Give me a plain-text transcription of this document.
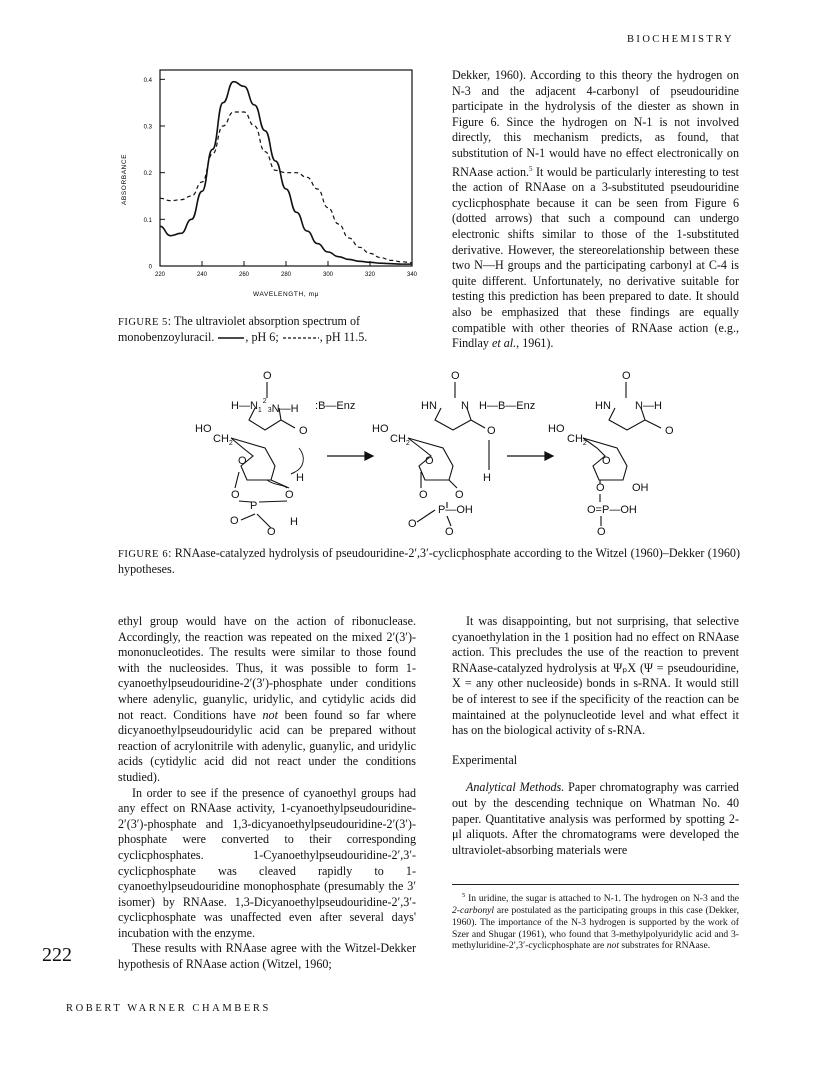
BIOCHEMISTRY
ROBERT WARNER CHAMBERS
222
0
0.1
0.2
0.3
0.4
220	240	260	280	300	320	340
ABSORBANCE
WAVELENGTH, mμ
FIGURE 5: The ultraviolet absorption spectrum of monobenzoyluracil.	, pH 6;	, pH 11.5.

Dekker, 1960). According to this theory the hydrogen on N-3 and the adjacent 4-carbonyl of pseudouridine participate in the hydrolysis of the diester as shown in Figure 6. Since the hydrogen on N-1 is not involved directly, this mechanism predicts, as found, that substitution of N-1 would have no effect electronically on RNAase action.$^5$ It would be particularly interesting to test the action of RNAase on a 3-substituted pseudouridine cyclicphosphate because it can be seen from Figure 6 (dotted arrows) that such a compound can undergo electronic shifts similar to those of the 1-substituted derivative. However, the stereorelationship between these two N—H groups and the participating carbonyl at C-4 is quite different. Unfortunately, no derivative suitable for testing this prediction has been prepared to date. It should also be emphasized that these findings are equally compatible with other theories of RNAase action (e.g., Findlay et al., 1961).

O
$H—N_1^2_3N—H$ :B—Enz
HO
$CH_2$
O
O
H
O	O
P
O	H
O
O
HN N H—B—Enz
HO
$CH_2$
O
O
H
O O
P—OH
O
O
O
HN N—H
HO
$CH_2$
O
O
O OH
O=P—OH
O
FIGURE 6: RNAase-catalyzed hydrolysis of pseudouridine-2′,3′-cyclicphosphate according to the Witzel (1960)–Dekker (1960) hypotheses.

ethyl group would have on the action of ribonuclease. Accordingly, the reaction was repeated on the mixed 2′(3′)-mononucleotides. The results were similar to those found with the nucleosides. Thus, it was possible to form 1-cyanoethylpseudouridine-2′(3′)-phosphate under conditions where adenylic, guanylic, uridylic, and cytidylic acids did not react. Conditions have not been found so far where dicyanoethylpseudouridylic acid can be prepared without reaction of acrylonitrile with adenylic, guanylic, and uridylic acids (cytidylic acid did not react under the conditions studied).

In order to see if the presence of cyanoethyl groups had any effect on RNAase activity, 1-cyanoethylpseudouridine-2′(3′)-phosphate and 1,3-dicyanoethylpseudouridine-2′(3′)-phosphate were converted to their corresponding cyclicphosphates. 1-Cyanoethylpseudouridine-2′,3′-cyclicphosphate was cleaved rapidly to 1-cyanoethylpseudouridine monophosphate (presumably the 3′ isomer) by RNAase. 1,3-Dicyanoethylpseudouridine-2′,3′-cyclicphosphate was unaffected even after several days' incubation with the enzyme.

These results with RNAase agree with the Witzel-Dekker hypothesis of RNAase action (Witzel, 1960;

It was disappointing, but not surprising, that selective cyanoethylation in the 1 position had no effect on RNAase action. This precludes the use of the reaction to prevent RNAase-catalyzed hydrolysis at ΨₚX (Ψ = pseudouridine, X = any other nucleoside) bonds in s-RNA. It would still be of interest to see if the specificity of the reaction can be maintained at the polynucleotide level and what effect it has on the biological activity of s-RNA.

Experimental

Analytical Methods. Paper chromatography was carried out by the descending technique on Whatman No. 40 paper. Quantitative analysis was performed by spotting 2-μl aliquots. After the chromatograms were developed the ultraviolet-absorbing materials were

$^5$ In uridine, the sugar is attached to N-1. The hydrogen on N-3 and the 2-carbonyl are postulated as the participating groups in this case (Dekker, 1960). The importance of the N-3 hydrogen is supported by the work of Szer and Shugar (1961), who found that 3-methylpolyuridylic acid and 3-methyluridine-2′,3′-cyclicphosphate are not substrates for RNAase.
